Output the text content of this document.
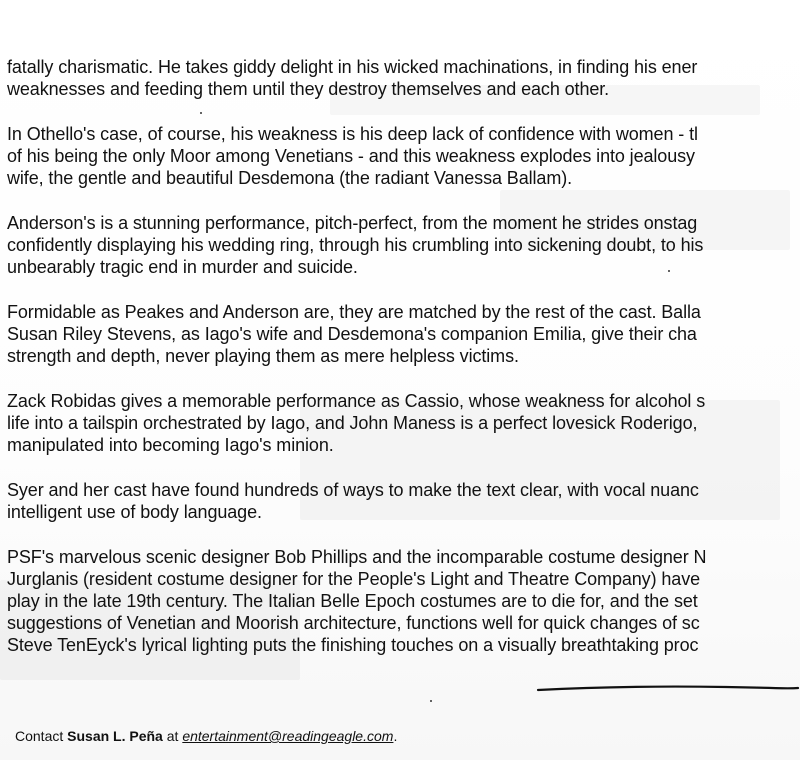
fatally charismatic. He takes giddy delight in his wicked machinations, in finding his ener
weaknesses and feeding them until they destroy themselves and each other.

In Othello's case, of course, his weakness is his deep lack of confidence with women - tl
of his being the only Moor among Venetians - and this weakness explodes into jealousy
wife, the gentle and beautiful Desdemona (the radiant Vanessa Ballam).

Anderson's is a stunning performance, pitch-perfect, from the moment he strides onstag
confidently displaying his wedding ring, through his crumbling into sickening doubt, to his
unbearably tragic end in murder and suicide.

Formidable as Peakes and Anderson are, they are matched by the rest of the cast. Balla
Susan Riley Stevens, as Iago's wife and Desdemona's companion Emilia, give their cha
strength and depth, never playing them as mere helpless victims.

Zack Robidas gives a memorable performance as Cassio, whose weakness for alcohol s
life into a tailspin orchestrated by Iago, and John Maness is a perfect lovesick Roderigo,
manipulated into becoming Iago's minion.

Syer and her cast have found hundreds of ways to make the text clear, with vocal nuanc
intelligent use of body language.

PSF's marvelous scenic designer Bob Phillips and the incomparable costume designer N
Jurglanis (resident costume designer for the People's Light and Theatre Company) have
play in the late 19th century. The Italian Belle Epoch costumes are to die for, and the set
suggestions of Venetian and Moorish architecture, functions well for quick changes of sc
Steve TenEyck's lyrical lighting puts the finishing touches on a visually breathtaking proc

Contact Susan L. Peña at entertainment@readingeagle.com.
